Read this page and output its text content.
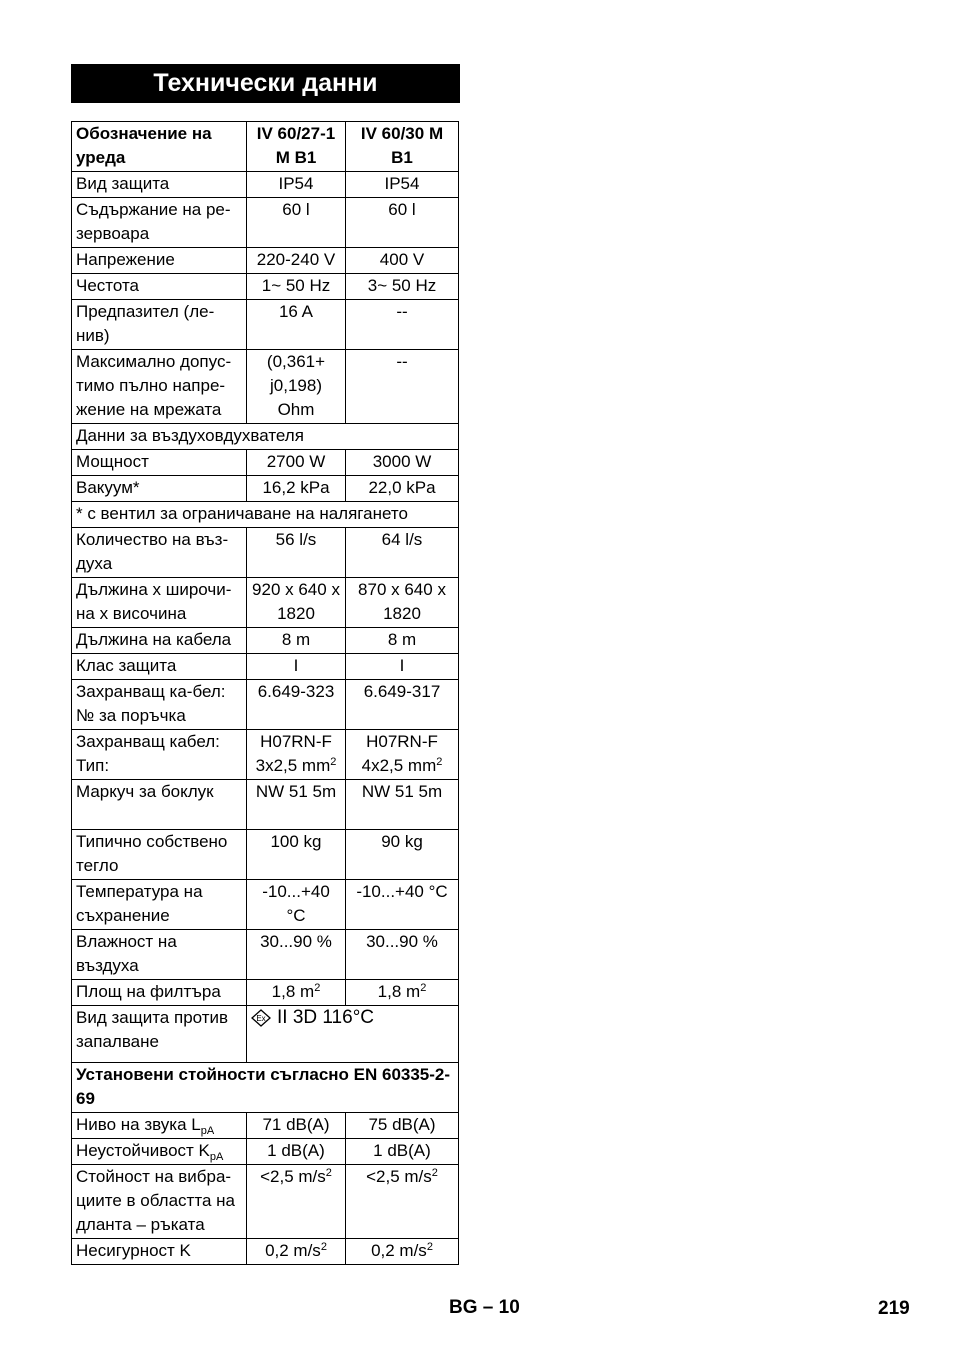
Технически данни
Обозначение на уреда	IV 60/27-1 M B1	IV 60/30 M B1
Вид защита	IP54	IP54
Съдържание на ре-зервоара	60 l	60 l
Напрежение	220-240 V	400 V
Честота	1~ 50 Hz	3~ 50 Hz
Предпазител (ле-нив)	16 A	--
Максимално допус-тимо пълно напре-жение на мрежата	(0,361+ j0,198) Ohm	--
Данни за въздуховдухвателя		
Мощност	2700 W	3000 W
Вакуум*	16,2 kPa	22,0 kPa
* с вентил за ограничаване на налягането		
Количество на въз-духа	56 l/s	64 l/s
Дължина х широчи-на х височина	920 x 640 x 1820	870 x 640 x 1820
Дължина на кабела	8 m	8 m
Клас защита	I	I
Захранващ ка-бел: № за поръчка	6.649-323	6.649-317
Захранващ кабел: Тип:	H07RN-F 3x2,5 $mm^2$	H07RN-F 4x2,5 $mm^2$
Маркуч за боклук	NW 51 5m	NW 51 5m
Типично собствено тегло	100 kg	90 kg
Температура на съхранение	-10...+40 °C	-10...+40 °C
Влажност на въздуха	30...90 %	30...90 %
Площ на филтъра	1,8 $m^2$	1,8 $m^2$
Вид защита против запалване	Ex II 3D 116°C	

Установени стойности съгласно EN 60335-2-69		
Ниво на звука $L_{pA}$	71 dB(A)	75 dB(A)
Неустойчивост $K_{pA}$	1 dB(A)	1 dB(A)
Стойност на вибра-циите в областта на дланта – ръката	<2,5 $m/s^2$	<2,5 $m/s^2$
Несигурност K	0,2 $m/s^2$	0,2 $m/s^2$
BG – 10	219
